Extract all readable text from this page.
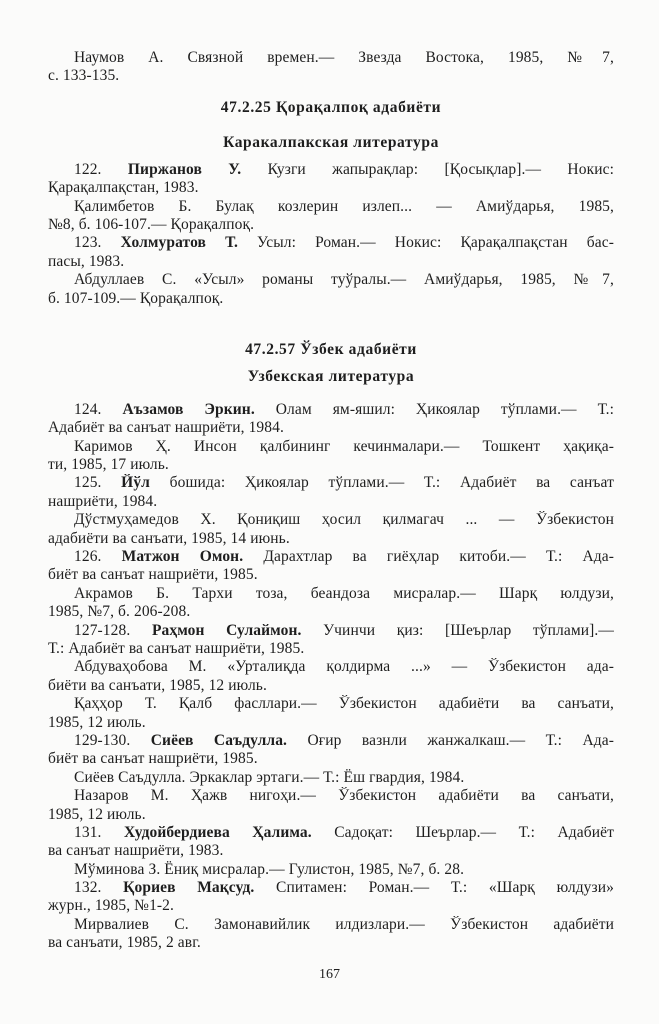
Наумов А. Связной времен.— Звезда Востока, 1985, №7,
с. 133-135.
47.2.25 Қорақалпоқ адабиёти
Каракалпакская литература
122. Пиржанов У. Кузги жапырақлар: [Қосықлар].— Нокис:
Қарақалпақстан, 1983.
Қалимбетов Б. Булақ козлерин излеп... — Амиўдарья, 1985,
№8, б. 106-107.— Қорақалпоқ.
123. Холмуратов Т. Усыл: Роман.— Нокис: Қарақалпақстан бас-
пасы, 1983.
Абдуллаев С. «Усыл» романы туўралы.— Амиўдарья, 1985, №7,
б. 107-109.— Қорақалпоқ.
47.2.57 Ўзбек адабиёти
Узбекская литература
124. Аъзамов Эркин. Олам ям-яшил: Ҳикоялар тўплами.— Т.:
Адабиёт ва санъат нашриёти, 1984.
Каримов Ҳ. Инсон қалбининг кечинмалари.— Тошкент ҳақиқа-
ти, 1985, 17 июль.
125. Йўл бошида: Ҳикоялар тўплами.— Т.: Адабиёт ва санъат
нашриёти, 1984.
Дўстмуҳамедов Х. Қониқиш ҳосил қилмагач ... — Ўзбекистон
адабиёти ва санъати, 1985, 14 июнь.
126. Матжон Омон. Дарахтлар ва гиёҳлар китоби.— Т.: Ада-
биёт ва санъат нашриёти, 1985.
Акрамов Б. Тархи тоза, беандоза мисралар.— Шарқ юлдузи,
1985, №7, б. 206-208.
127-128. Раҳмон Сулаймон. Учинчи қиз: [Шеърлар тўплами].—
Т.: Адабиёт ва санъат нашриёти, 1985.
Абдуваҳобова М. «Урталиқда қолдирма ...» — Ўзбекистон ада-
биёти ва санъати, 1985, 12 июль.
Қаҳҳор Т. Қалб фасллари.— Ўзбекистон адабиёти ва санъати,
1985, 12 июль.
129-130. Сиёев Саъдулла. Оғир вазнли жанжалкаш.— Т.: Ада-
биёт ва санъат нашриёти, 1985.
Сиёев Саъдулла. Эркаклар эртаги.— Т.: Ёш гвардия, 1984.
Назаров М. Ҳажв нигоҳи.— Ўзбекистон адабиёти ва санъати,
1985, 12 июль.
131. Худойбердиева Ҳалима. Садоқат: Шеърлар.— Т.: Адабиёт
ва санъат нашриёти, 1983.
Мўминова З. Ёниқ мисралар.— Гулистон, 1985, №7, б. 28.
132. Қориев Мақсуд. Спитамен: Роман.— Т.: «Шарқ юлдузи»
журн., 1985, №1-2.
Мирвалиев С. Замонавийлик илдизлари.— Ўзбекистон адабиёти
ва санъати, 1985, 2 авг.
167
